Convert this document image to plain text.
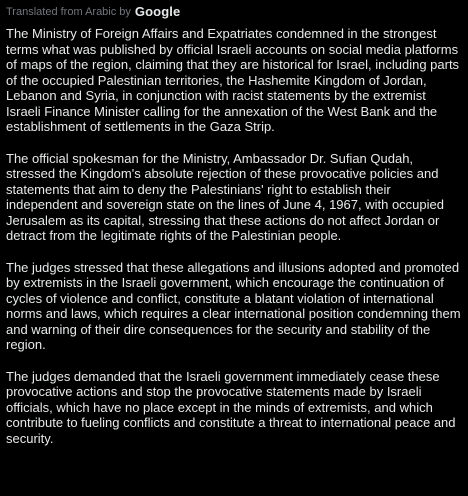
Translated from Arabic by Google

The Ministry of Foreign Affairs and Expatriates condemned in the strongest terms what was published by official Israeli accounts on social media platforms of maps of the region, claiming that they are historical for Israel, including parts of the occupied Palestinian territories, the Hashemite Kingdom of Jordan, Lebanon and Syria, in conjunction with racist statements by the extremist Israeli Finance Minister calling for the annexation of the West Bank and the establishment of settlements in the Gaza Strip.

The official spokesman for the Ministry, Ambassador Dr. Sufian Qudah, stressed the Kingdom's absolute rejection of these provocative policies and statements that aim to deny the Palestinians' right to establish their independent and sovereign state on the lines of June 4, 1967, with occupied Jerusalem as its capital, stressing that these actions do not affect Jordan or detract from the legitimate rights of the Palestinian people.

The judges stressed that these allegations and illusions adopted and promoted by extremists in the Israeli government, which encourage the continuation of cycles of violence and conflict, constitute a blatant violation of international norms and laws, which requires a clear international position condemning them and warning of their dire consequences for the security and stability of the region.

The judges demanded that the Israeli government immediately cease these provocative actions and stop the provocative statements made by Israeli officials, which have no place except in the minds of extremists, and which contribute to fueling conflicts and constitute a threat to international peace and security.
